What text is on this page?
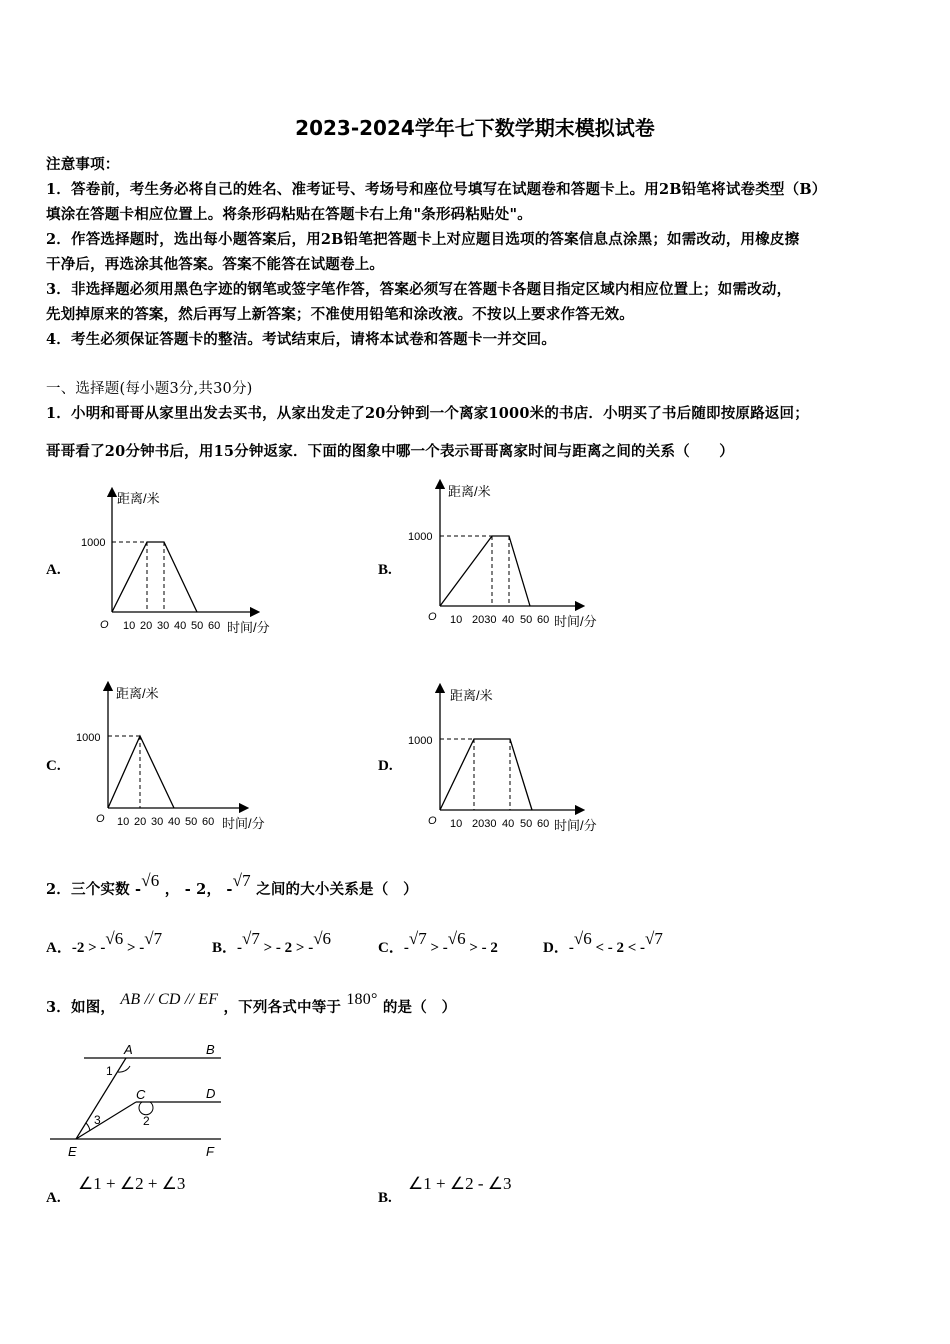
2023-2024学年七下数学期末模拟试卷
注意事项：
1．答卷前，考生务必将自己的姓名、准考证号、考场号和座位号填写在试题卷和答题卡上。用2B铅笔将试卷类型（B）
填涂在答题卡相应位置上。将条形码粘贴在答题卡右上角"条形码粘贴处"。
2．作答选择题时，选出每小题答案后，用2B铅笔把答题卡上对应题目选项的答案信息点涂黑；如需改动，用橡皮擦
干净后，再选涂其他答案。答案不能答在试题卷上。
3．非选择题必须用黑色字迹的钢笔或签字笔作答，答案必须写在答题卡各题目指定区域内相应位置上；如需改动，
先划掉原来的答案，然后再写上新答案；不准使用铅笔和涂改液。不按以上要求作答无效。
4．考生必须保证答题卡的整洁。考试结束后，请将本试卷和答题卡一并交回。
一、选择题(每小题3分,共30分)
1．小明和哥哥从家里出发去买书，从家出发走了20分钟到一个离家1000米的书店．小明买了书后随即按原路返回；
哥哥看了20分钟书后，用15分钟返家．下面的图象中哪一个表示哥哥离家时间与距离之间的关系（　　）
A.
距离/米
1000
O 10 20 30 40 50 60 时间/分
B.
距离/米
1000
O 10 2030 40 50 60 时间/分
C.
距离/米
1000
O 10 20 30 40 50 60 时间/分
D.
距离/米
1000
O 10 2030 40 50 60 时间/分
2．三个实数 -√6 ， - 2， -√7 之间的大小关系是（　）
A．-2 > -√6 > -√7	B．-√7 > - 2 > -√6	C．-√7 > -√6 > - 2	D．-√6 < - 2 < -√7
3．如图， AB // CD // EF ，下列各式中等于 180° 的是（　）
A	B
C	D
E	F
1
2
3
A.
∠1 + ∠2 + ∠3
B.
∠1 + ∠2 - ∠3
